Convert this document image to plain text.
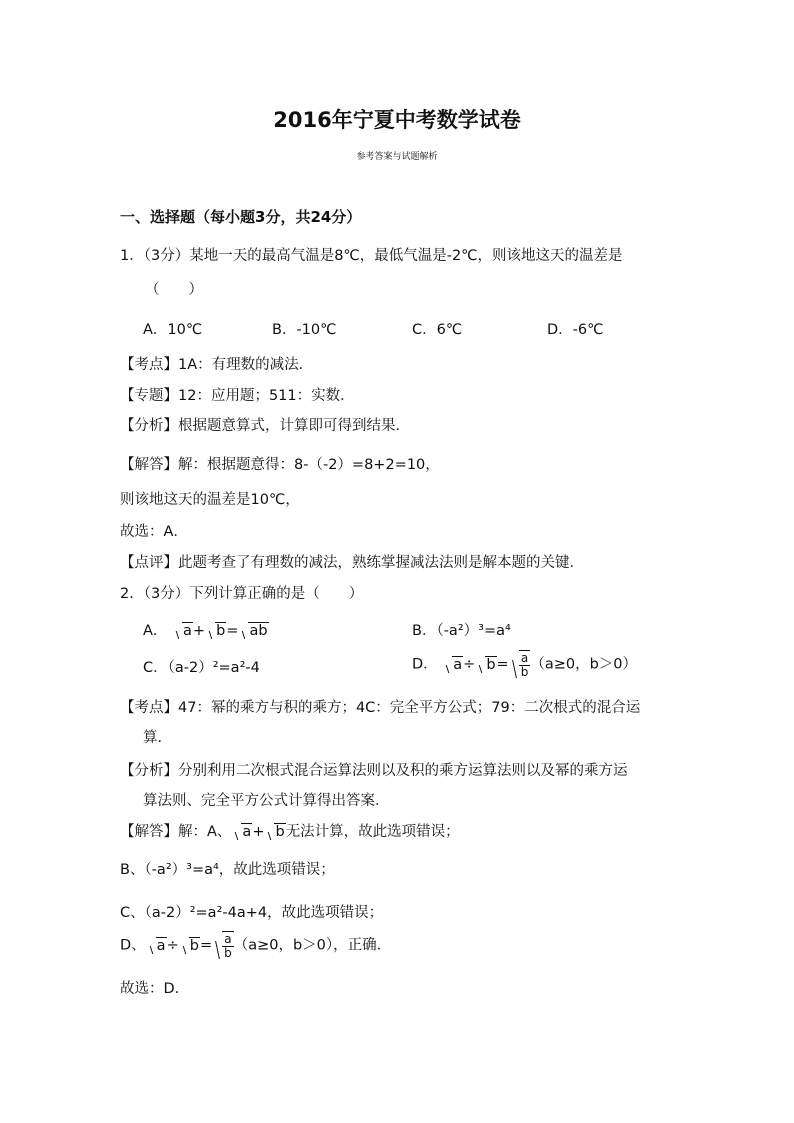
2016年宁夏中考数学试卷
参考答案与试题解析
一、选择题（每小题3分，共24分）
1．（3分）某地一天的最高气温是8℃，最低气温是-2℃，则该地这天的温差是
（　　）
A．10℃	B．-10℃	C．6℃	D．-6℃
【考点】1A：有理数的减法．
【专题】12：应用题；511：实数．
【分析】根据题意算式，计算即可得到结果．
【解答】解：根据题意得：8-（-2）=8+2=10，
则该地这天的温差是10℃，
故选：A．
【点评】此题考查了有理数的减法，熟练掌握减法法则是解本题的关键．
2．（3分）下列计算正确的是（　　）
A． a+ b= ab	B．（-a²）³=a⁴
C．（a-2）²=a²-4	D． $a\div b= \frac{a}{b} (a\ge 0$，b＞0）
【考点】47：幂的乘方与积的乘方；4C：完全平方公式；79：二次根式的混合运
算．
【分析】分别利用二次根式混合运算法则以及积的乘方运算法则以及幂的乘方运
算法则、完全平方公式计算得出答案．
【解答】解：A、 a+ b无法计算，故此选项错误；
B、（-a²）³=a⁴，故此选项错误；
C、（a-2）²=a²-4a+4，故此选项错误；
D、 $a\div b= \frac{a}{b} (a\ge 0$，b＞0），正确．
故选：D．
